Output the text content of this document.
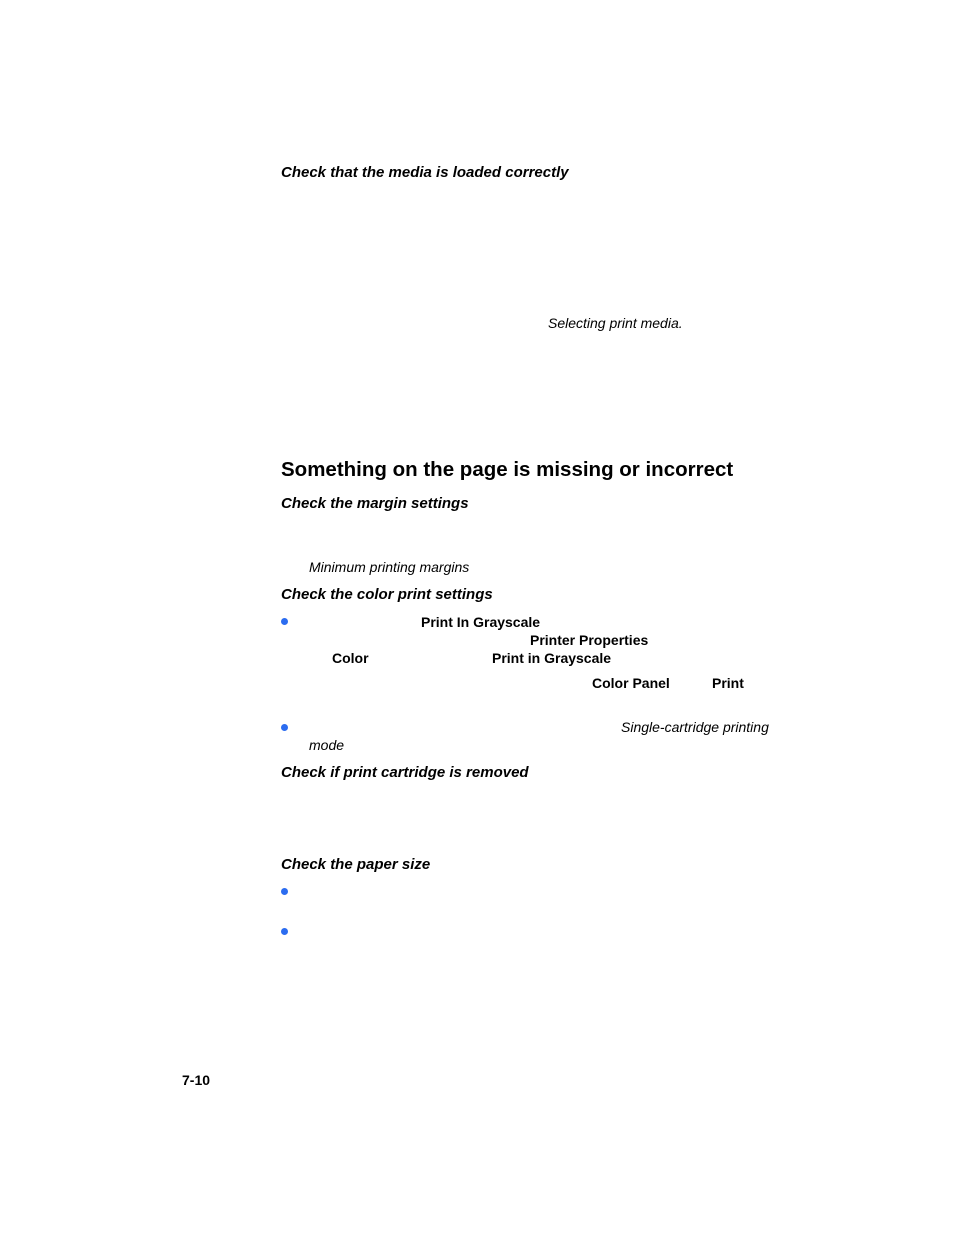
Check that the media is loaded correctly
Selecting print media.
Something on the page is missing or incorrect
Check the margin settings
Minimum printing margins
Check the color print settings
Print In Grayscale
Printer Properties
Color	Print in Grayscale
Color Panel	Print
Single-cartridge printing
mode
Check if print cartridge is removed
Check the paper size
7-10
